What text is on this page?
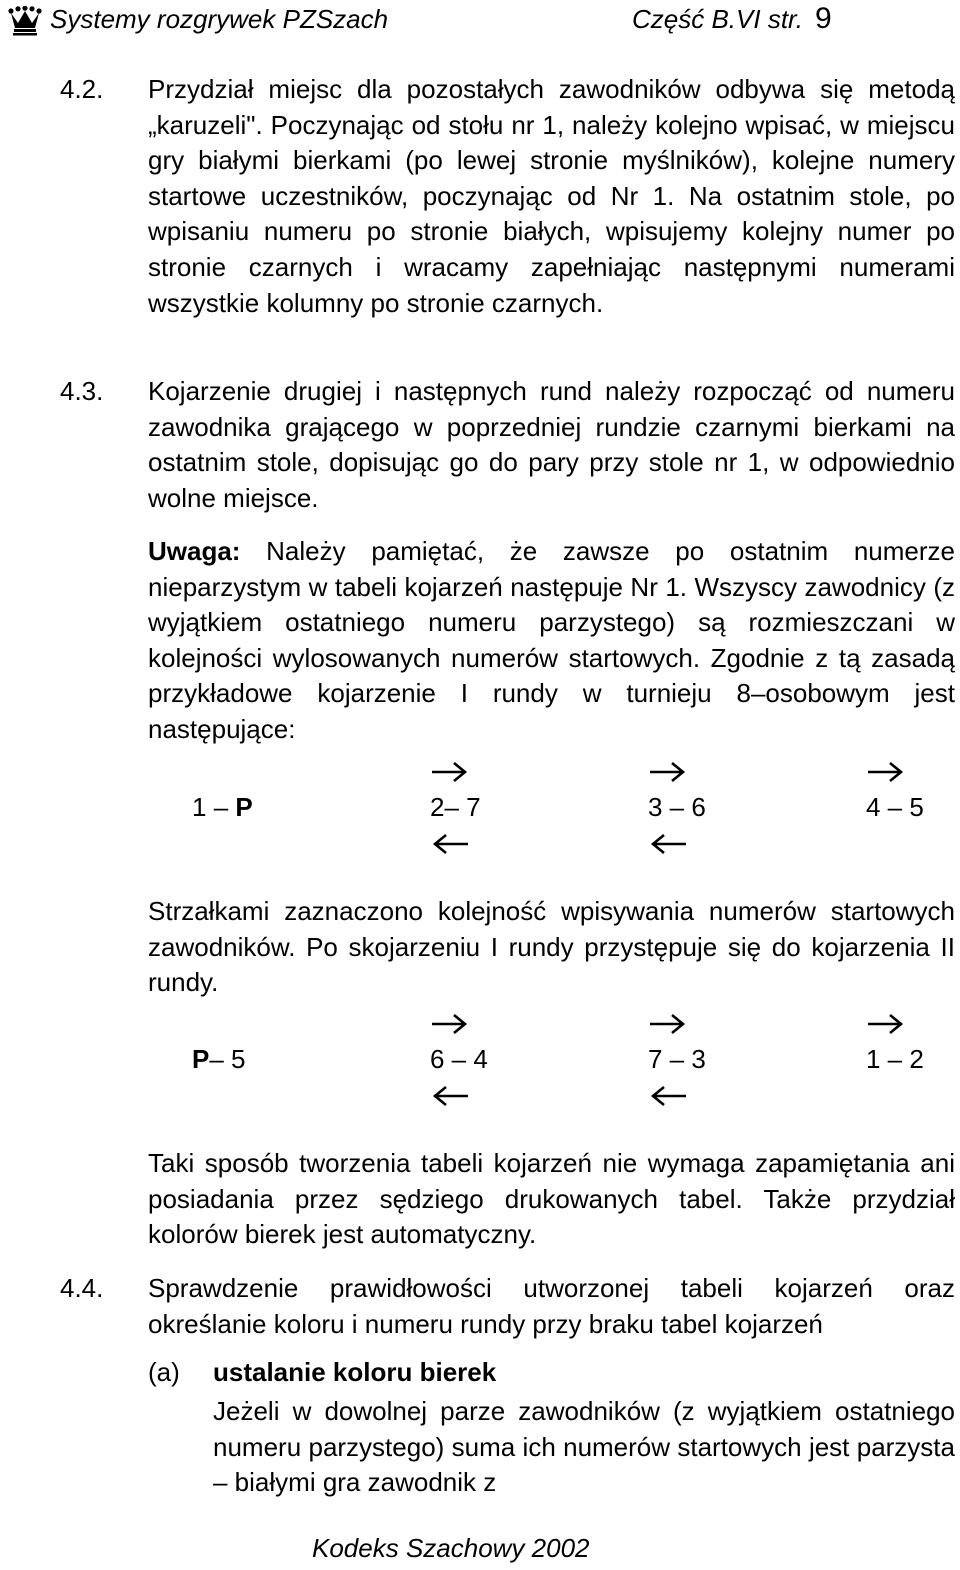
Systemy rozgrywek PZSzach	Część B.VI str. 9
4.2. Przydział miejsc dla pozostałych zawodników odbywa się metodą „karuzeli". Poczynając od stołu nr 1, należy kolejno wpisać, w miejscu gry białymi bierkami (po lewej stronie myślników), kolejne numery startowe uczestników, poczynając od Nr 1. Na ostatnim stole, po wpisaniu numeru po stronie białych, wpisujemy kolejny numer po stronie czarnych i wracamy zapełniając następnymi numerami wszystkie kolumny po stronie czarnych.
4.3. Kojarzenie drugiej i następnych rund należy rozpocząć od numeru zawodnika grającego w poprzedniej rundzie czarnymi bierkami na ostatnim stole, dopisując go do pary przy stole nr 1, w odpowiednio wolne miejsce.
Uwaga: Należy pamiętać, że zawsze po ostatnim numerze nieparzystym w tabeli kojarzeń następuje Nr 1. Wszyscy zawodnicy (z wyjątkiem ostatniego numeru parzystego) są rozmieszczani w kolejności wylosowanych numerów startowych. Zgodnie z tą zasadą przykładowe kojarzenie I rundy w turnieju 8–osobowym jest następujące:
1 – P	2– 7	3 – 6	4 – 5
Strzałkami zaznaczono kolejność wpisywania numerów startowych zawodników. Po skojarzeniu I rundy przystępuje się do kojarzenia II rundy.
P– 5	6 – 4	7 – 3	1 – 2
Taki sposób tworzenia tabeli kojarzeń nie wymaga zapamiętania ani posiadania przez sędziego drukowanych tabel. Także przydział kolorów bierek jest automatyczny.
4.4. Sprawdzenie prawidłowości utworzonej tabeli kojarzeń oraz określanie koloru i numeru rundy przy braku tabel kojarzeń
(a) ustalanie koloru bierek
Jeżeli w dowolnej parze zawodników (z wyjątkiem ostatniego numeru parzystego) suma ich numerów startowych jest parzysta – białymi gra zawodnik z
Kodeks Szachowy 2002
